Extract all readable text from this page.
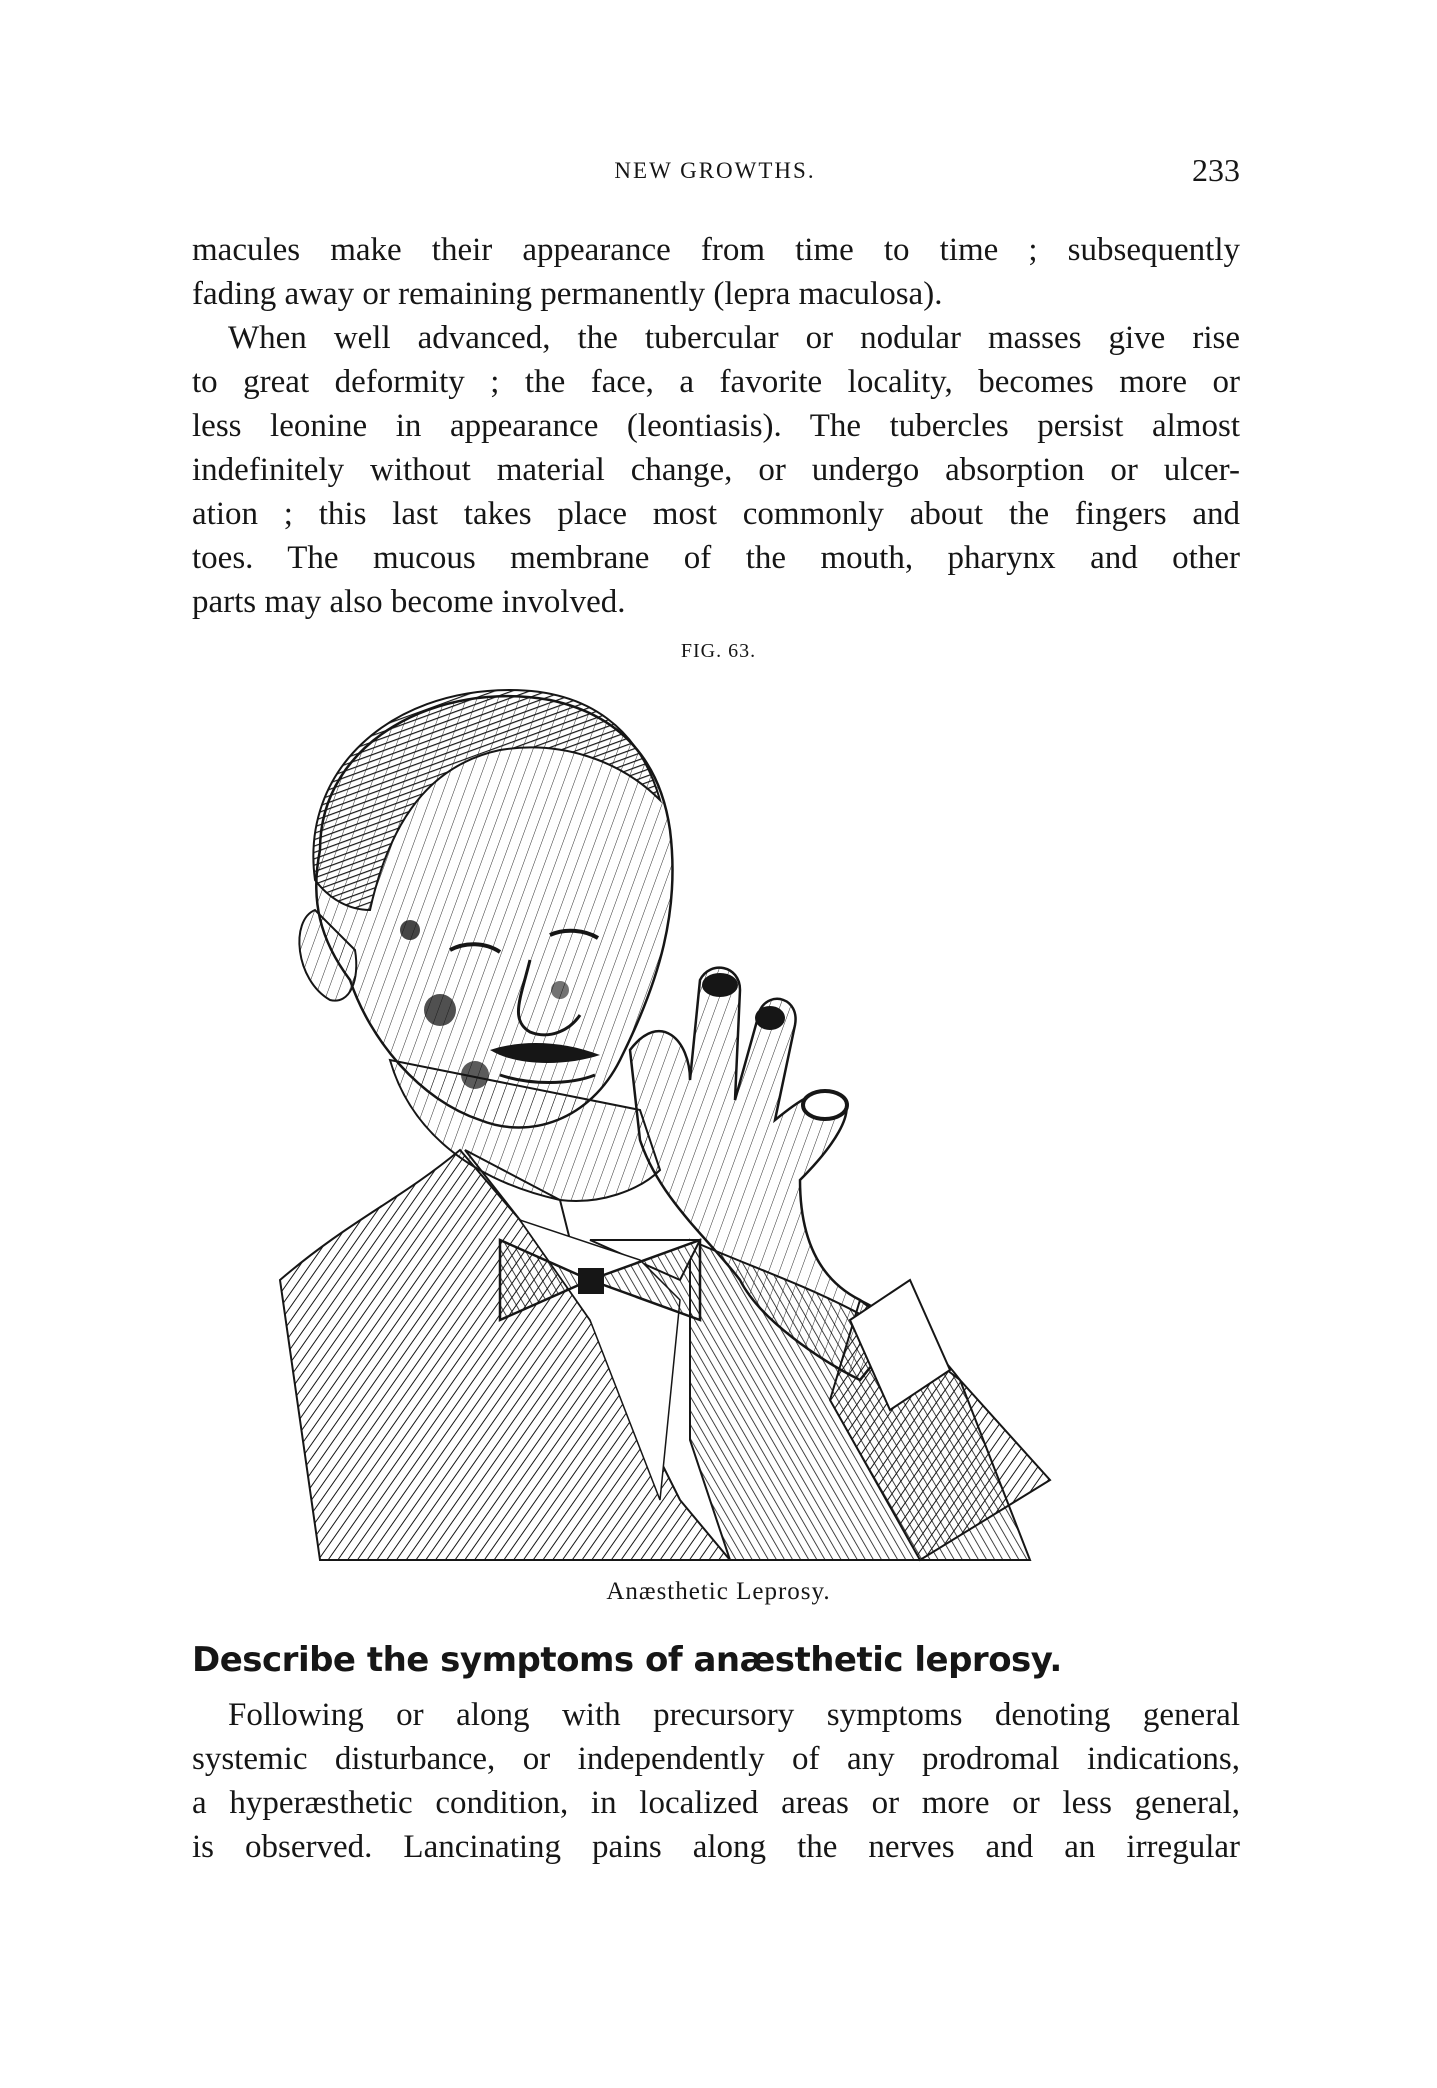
NEW GROWTHS.	233
macules make their appearance from time to time ; subsequently
fading away or remaining permanently (lepra maculosa).
When well advanced, the tubercular or nodular masses give rise
to great deformity ; the face, a favorite locality, becomes more or
less leonine in appearance (leontiasis). The tubercles persist almost
indefinitely without material change, or undergo absorption or ulcer-
ation ; this last takes place most commonly about the fingers and
toes. The mucous membrane of the mouth, pharynx and other
parts may also become involved.
FIG. 63.
Anæsthetic Leprosy.
Describe the symptoms of anæsthetic leprosy.
Following or along with precursory symptoms denoting general
systemic disturbance, or independently of any prodromal indications,
a hyperæsthetic condition, in localized areas or more or less general,
is observed. Lancinating pains along the nerves and an irregular
